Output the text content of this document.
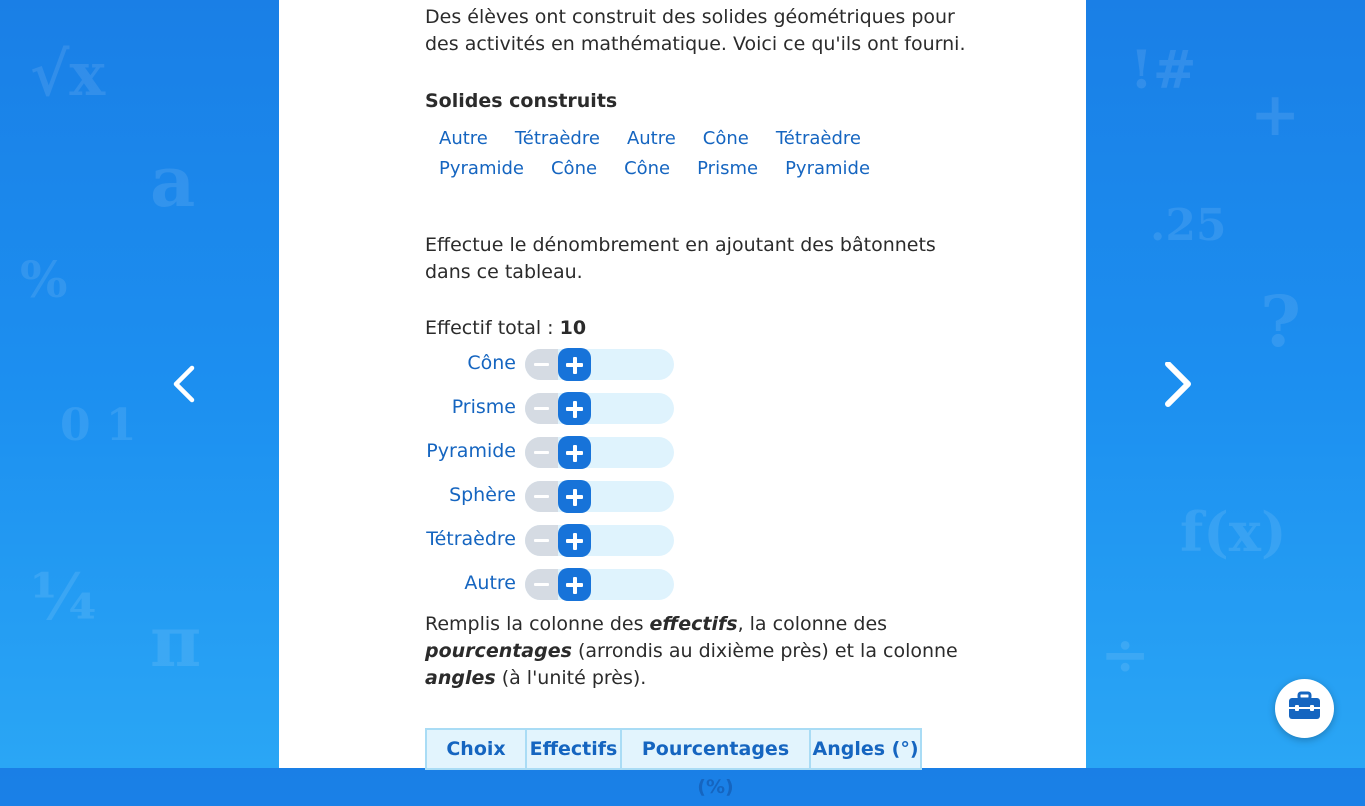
√x
a
%
0 1
¼
π
!#
+
.25
?
f(x)
÷
Des élèves ont construit des solides géométriques pour des activités en mathématique. Voici ce qu'ils ont fourni.
Solides construits
Autre Tétraèdre Autre Cône Tétraèdre
Pyramide Cône Cône Prisme Pyramide
Effectue le dénombrement en ajoutant des bâtonnets dans ce tableau.
Effectif total : 10
Cône
Prisme
Pyramide
Sphère
Tétraèdre
Autre
Remplis la colonne des effectifs, la colonne des pourcentages (arrondis au dixième près) et la colonne angles (à l'unité près).
Choix	Effectifs	Pourcentages (%)
Angles (°)
